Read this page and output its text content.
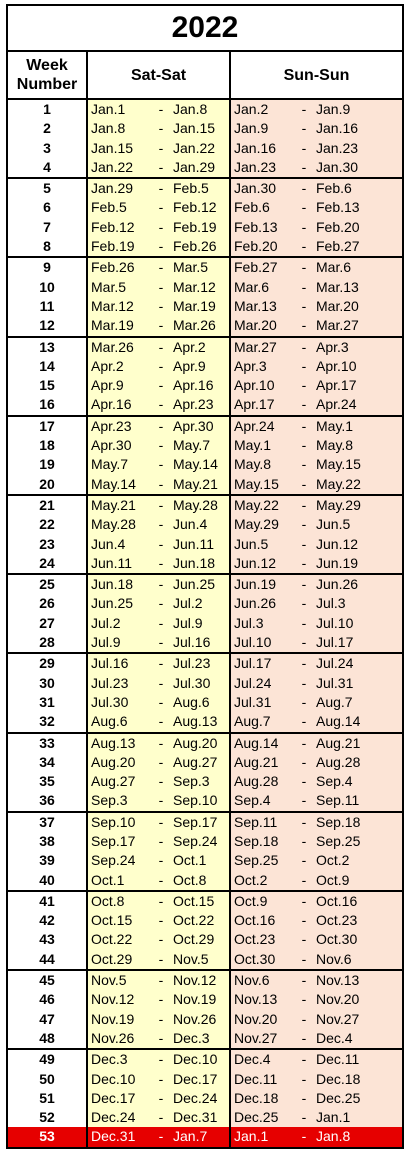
2022
Week Number
Sat-Sat	Sun-Sun
1	Jan.1	- Jan.8	Jan.2	- Jan.9
2	Jan.8	- Jan.15	Jan.9	- Jan.16
3	Jan.15	- Jan.22	Jan.16	- Jan.23
4	Jan.22	- Jan.29	Jan.23	- Jan.30
5	Jan.29	- Feb.5	Jan.30	- Feb.6
6	Feb.5	- Feb.12	Feb.6	- Feb.13
7	Feb.12	- Feb.19	Feb.13	- Feb.20
8	Feb.19	- Feb.26	Feb.20	- Feb.27
9	Feb.26	- Mar.5	Feb.27	- Mar.6
10	Mar.5	- Mar.12	Mar.6	- Mar.13
11	Mar.12	- Mar.19	Mar.13	- Mar.20
12	Mar.19	- Mar.26	Mar.20	- Mar.27
13	Mar.26	- Apr.2	Mar.27	- Apr.3
14	Apr.2	- Apr.9	Apr.3	- Apr.10
15	Apr.9	- Apr.16	Apr.10	- Apr.17
16	Apr.16	- Apr.23	Apr.17	- Apr.24
17	Apr.23	- Apr.30	Apr.24	- May.1
18	Apr.30	- May.7	May.1	- May.8
19	May.7	- May.14	May.8	- May.15
20	May.14	- May.21	May.15	- May.22
21	May.21	- May.28	May.22	- May.29
22	May.28	- Jun.4	May.29	- Jun.5
23	Jun.4	- Jun.11	Jun.5	- Jun.12
24	Jun.11	- Jun.18	Jun.12	- Jun.19
25	Jun.18	- Jun.25	Jun.19	- Jun.26
26	Jun.25	- Jul.2	Jun.26	- Jul.3
27	Jul.2	- Jul.9	Jul.3	- Jul.10
28	Jul.9	- Jul.16	Jul.10	- Jul.17
29	Jul.16	- Jul.23	Jul.17	- Jul.24
30	Jul.23	- Jul.30	Jul.24	- Jul.31
31	Jul.30	- Aug.6	Jul.31	- Aug.7
32	Aug.6	- Aug.13	Aug.7	- Aug.14
33	Aug.13	- Aug.20	Aug.14	- Aug.21
34	Aug.20	- Aug.27	Aug.21	- Aug.28
35	Aug.27	- Sep.3	Aug.28	- Sep.4
36	Sep.3	- Sep.10	Sep.4	- Sep.11
37	Sep.10	- Sep.17	Sep.11	- Sep.18
38	Sep.17	- Sep.24	Sep.18	- Sep.25
39	Sep.24	- Oct.1	Sep.25	- Oct.2
40	Oct.1	- Oct.8	Oct.2	- Oct.9
41	Oct.8	- Oct.15	Oct.9	- Oct.16
42	Oct.15	- Oct.22	Oct.16	- Oct.23
43	Oct.22	- Oct.29	Oct.23	- Oct.30
44	Oct.29	- Nov.5	Oct.30	- Nov.6
45	Nov.5	- Nov.12	Nov.6	- Nov.13
46	Nov.12	- Nov.19	Nov.13	- Nov.20
47	Nov.19	- Nov.26	Nov.20	- Nov.27
48	Nov.26	- Dec.3	Nov.27	- Dec.4
49	Dec.3	- Dec.10	Dec.4	- Dec.11
50	Dec.10	- Dec.17	Dec.11	- Dec.18
51	Dec.17	- Dec.24	Dec.18	- Dec.25
52	Dec.24	- Dec.31	Dec.25	- Jan.1
53	Dec.31	- Jan.7	Jan.1	- Jan.8
